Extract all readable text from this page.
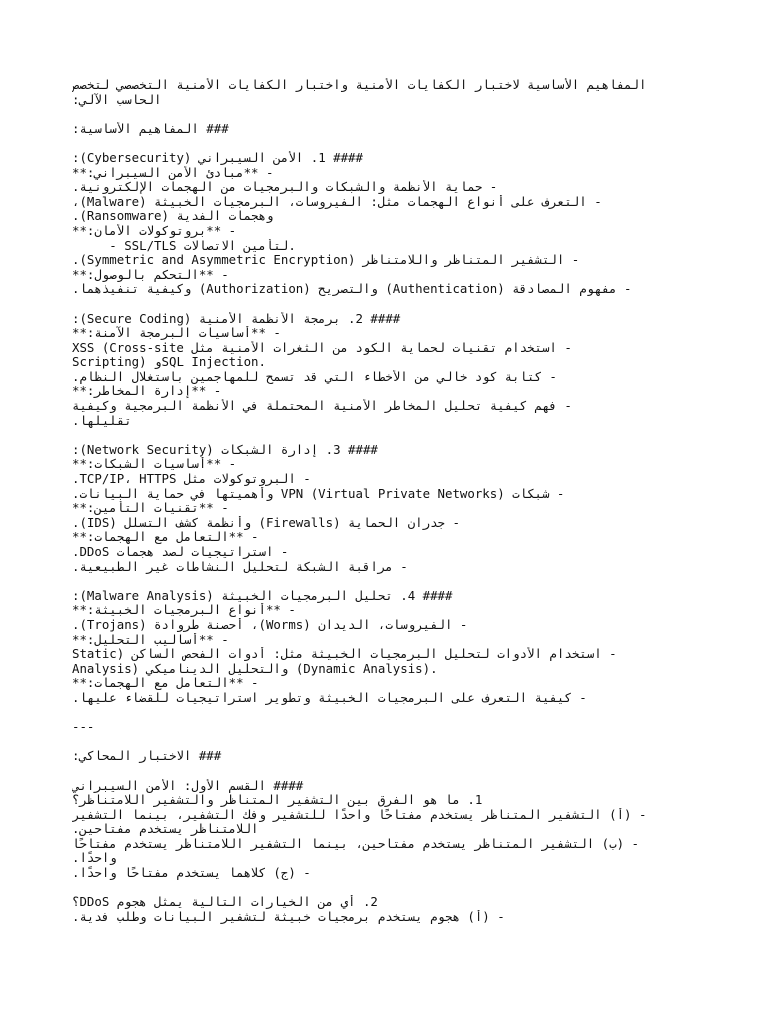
المفاهيم الأساسية لاختبار الكفايات الأمنية واختبار الكفايات الأمنية التخصصي لتخصص
الحاسب الآلي:
### المفاهيم الأساسية:
#### 1. الأمن السيبراني (Cybersecurity):
- **مبادئ الأمن السيبراني:**
- حماية الأنظمة والشبكات والبرمجيات من الهجمات الإلكترونية.
- التعرف على أنواع الهجمات مثل: الفيروسات، البرمجيات الخبيثة (Malware)،
وهجمات الفدية (Ransomware).
- **بروتوكولات الأمان:**
- SSL/TLS لتأمين الاتصالات.
- التشفير المتناظر واللامتناظر (Symmetric and Asymmetric Encryption).
- **التحكم بالوصول:**
- مفهوم المصادقة (Authentication) والتصريح (Authorization) وكيفية تنفيذهما.
#### 2. برمجة الأنظمة الأمنية (Secure Coding):
- **أساسيات البرمجة الآمنة:**
- استخدام تقنيات لحماية الكود من الثغرات الأمنية مثل XSS (Cross-site
Scripting) وSQL Injection.
- كتابة كود خالي من الأخطاء التي قد تسمح للمهاجمين باستغلال النظام.
- **إدارة المخاطر:**
- فهم كيفية تحليل المخاطر الأمنية المحتملة في الأنظمة البرمجية وكيفية
تقليلها.
#### 3. إدارة الشبكات (Network Security):
- **أساسيات الشبكات:**
- البروتوكولات مثل TCP/IP، HTTPS.
- شبكات VPN (Virtual Private Networks) وأهميتها في حماية البيانات.
- **تقنيات التأمين:**
- جدران الحماية (Firewalls) وأنظمة كشف التسلل (IDS).
- **التعامل مع الهجمات:**
- استراتيجيات لصد هجمات DDoS.
- مراقبة الشبكة لتحليل النشاطات غير الطبيعية.
#### 4. تحليل البرمجيات الخبيثة (Malware Analysis):
- **أنواع البرمجيات الخبيثة:**
- الفيروسات، الديدان (Worms)، أحصنة طروادة (Trojans).
- **أساليب التحليل:**
- استخدام الأدوات لتحليل البرمجيات الخبيثة مثل: أدوات الفحص الساكن (Static
Analysis) والتحليل الديناميكي (Dynamic Analysis).
- **التعامل مع الهجمات:**
- كيفية التعرف على البرمجيات الخبيثة وتطوير استراتيجيات للقضاء عليها.
---
### الاختبار المحاكي:
#### القسم الأول: الأمن السيبراني
1. ما هو الفرق بين التشفير المتناظر والتشفير اللامتناظر؟
- (أ) التشفير المتناظر يستخدم مفتاحًا واحدًا للتشفير وفك التشفير، بينما التشفير
اللامتناظر يستخدم مفتاحين.
- (ب) التشفير المتناظر يستخدم مفتاحين، بينما التشفير اللامتناظر يستخدم مفتاحًا
واحدًا.
- (ج) كلاهما يستخدم مفتاحًا واحدًا.
2. أي من الخيارات التالية يمثل هجوم DDoS؟
- (أ) هجوم يستخدم برمجيات خبيثة لتشفير البيانات وطلب فدية.
